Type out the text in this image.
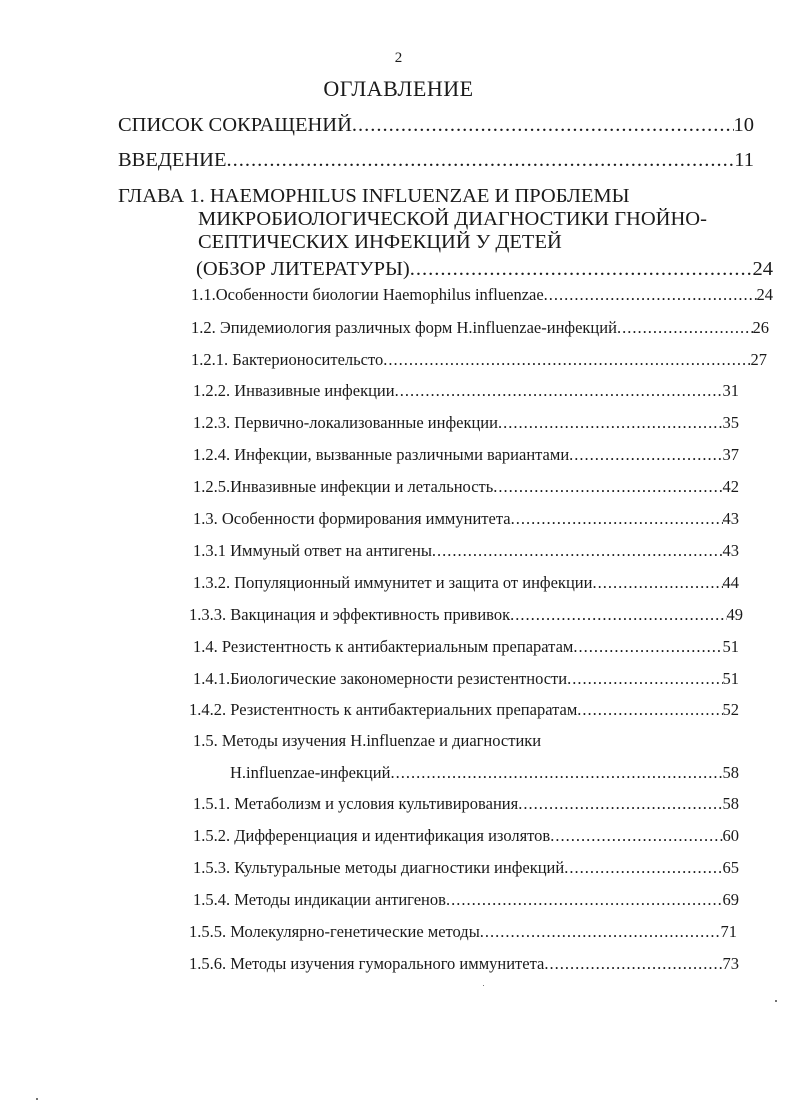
2
ОГЛАВЛЕНИЕ
СПИСОК СОКРАЩЕНИЙ .....	10
ВВЕДЕНИЕ .....	11
ГЛАВА 1. HAEMOPHILUS INFLUENZAE И ПРОБЛЕМЫ
МИКРОБИОЛОГИЧЕСКОЙ ДИАГНОСТИКИ ГНОЙНО-
СЕПТИЧЕСКИХ ИНФЕКЦИЙ У ДЕТЕЙ
(ОБЗОР ЛИТЕРАТУРЫ) .....	24
1.1.Особенности биологии Haemophilus influenzae .....	24
1.2. Эпидемиология различных форм H.influenzae-инфекций .....	26
1.2.1. Бактерионосительсто .....	27
1.2.2. Инвазивные инфекции .....	31
1.2.3. Первично-локализованные инфекции .....	35
1.2.4. Инфекции, вызванные различными вариантами .....	37
1.2.5.Инвазивные инфекции и летальность .....	42
1.3. Особенности формирования иммунитета .....	43
1.3.1 Иммуный ответ на антигены .....	43
1.3.2. Популяционный иммунитет и защита от инфекции .....	44
1.3.3. Вакцинация и эффективность прививок .....	49
1.4. Резистентность к антибактериальным препаратам .....	51
1.4.1.Биологические закономерности резистентности .....	51
1.4.2. Резистентность к антибактериальних препаратам .....	52
1.5. Методы изучения H.influenzae и диагностики
H.influenzae-инфекций .....	58
1.5.1. Метаболизм и условия культивирования .....	58
1.5.2. Дифференциация и идентификация изолятов .....	60
1.5.3. Культуральные методы диагностики инфекций .....	65
1.5.4. Методы индикации антигенов .....	69
1.5.5. Молекулярно-генетические методы .....	71
1.5.6. Методы изучения гуморального иммунитета .....	73
